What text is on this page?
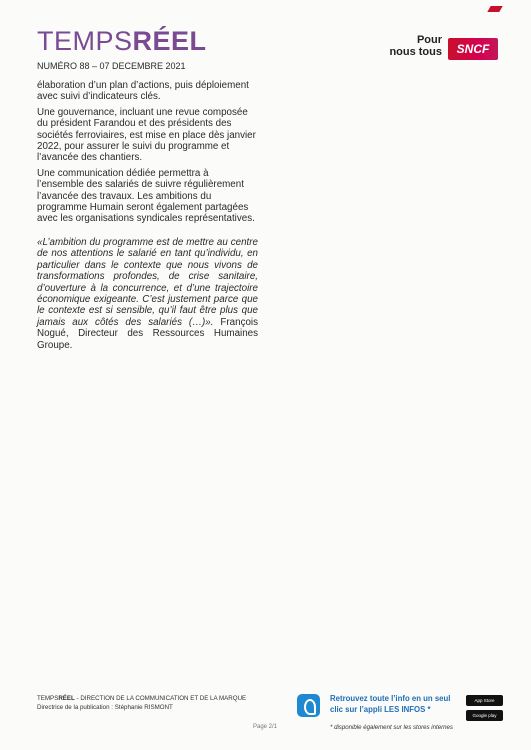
TEMPSRÉEL
NUMÉRO 88 – 07 DECEMBRE 2021
Pour
nous tous	SNCF

élaboration d’un plan d’actions, puis déploiement avec suivi d’indicateurs clés.

Une gouvernance, incluant une revue composée du président Farandou et des présidents des sociétés ferroviaires, est mise en place dès janvier 2022, pour assurer le suivi du programme et l’avancée des chantiers.

Une communication dédiée permettra à l’ensemble des salariés de suivre régulièrement l’avancée des travaux. Les ambitions du programme Humain seront également partagées avec les organisations syndicales représentatives.

«L’ambition du programme est de mettre au centre de nos attentions le salarié en tant qu’individu, en particulier dans le contexte que nous vivons de transformations profondes, de crise sanitaire, d’ouverture à la concurrence, et d’une trajectoire économique exigeante. C’est justement parce que le contexte est si sensible, qu’il faut être plus que jamais aux côtés des salariés (…)». François Nogué, Directeur des Ressources Humaines Groupe.

TEMPSRÉEL - DIRECTION DE LA COMMUNICATION ET DE LA MARQUE
Directrice de la publication : Stéphanie RISMONT
Page 2/1
Retrouvez toute l’info en un seul
clic sur l’appli LES INFOS *
* disponible également sur les stores internes
App Store
Google play
